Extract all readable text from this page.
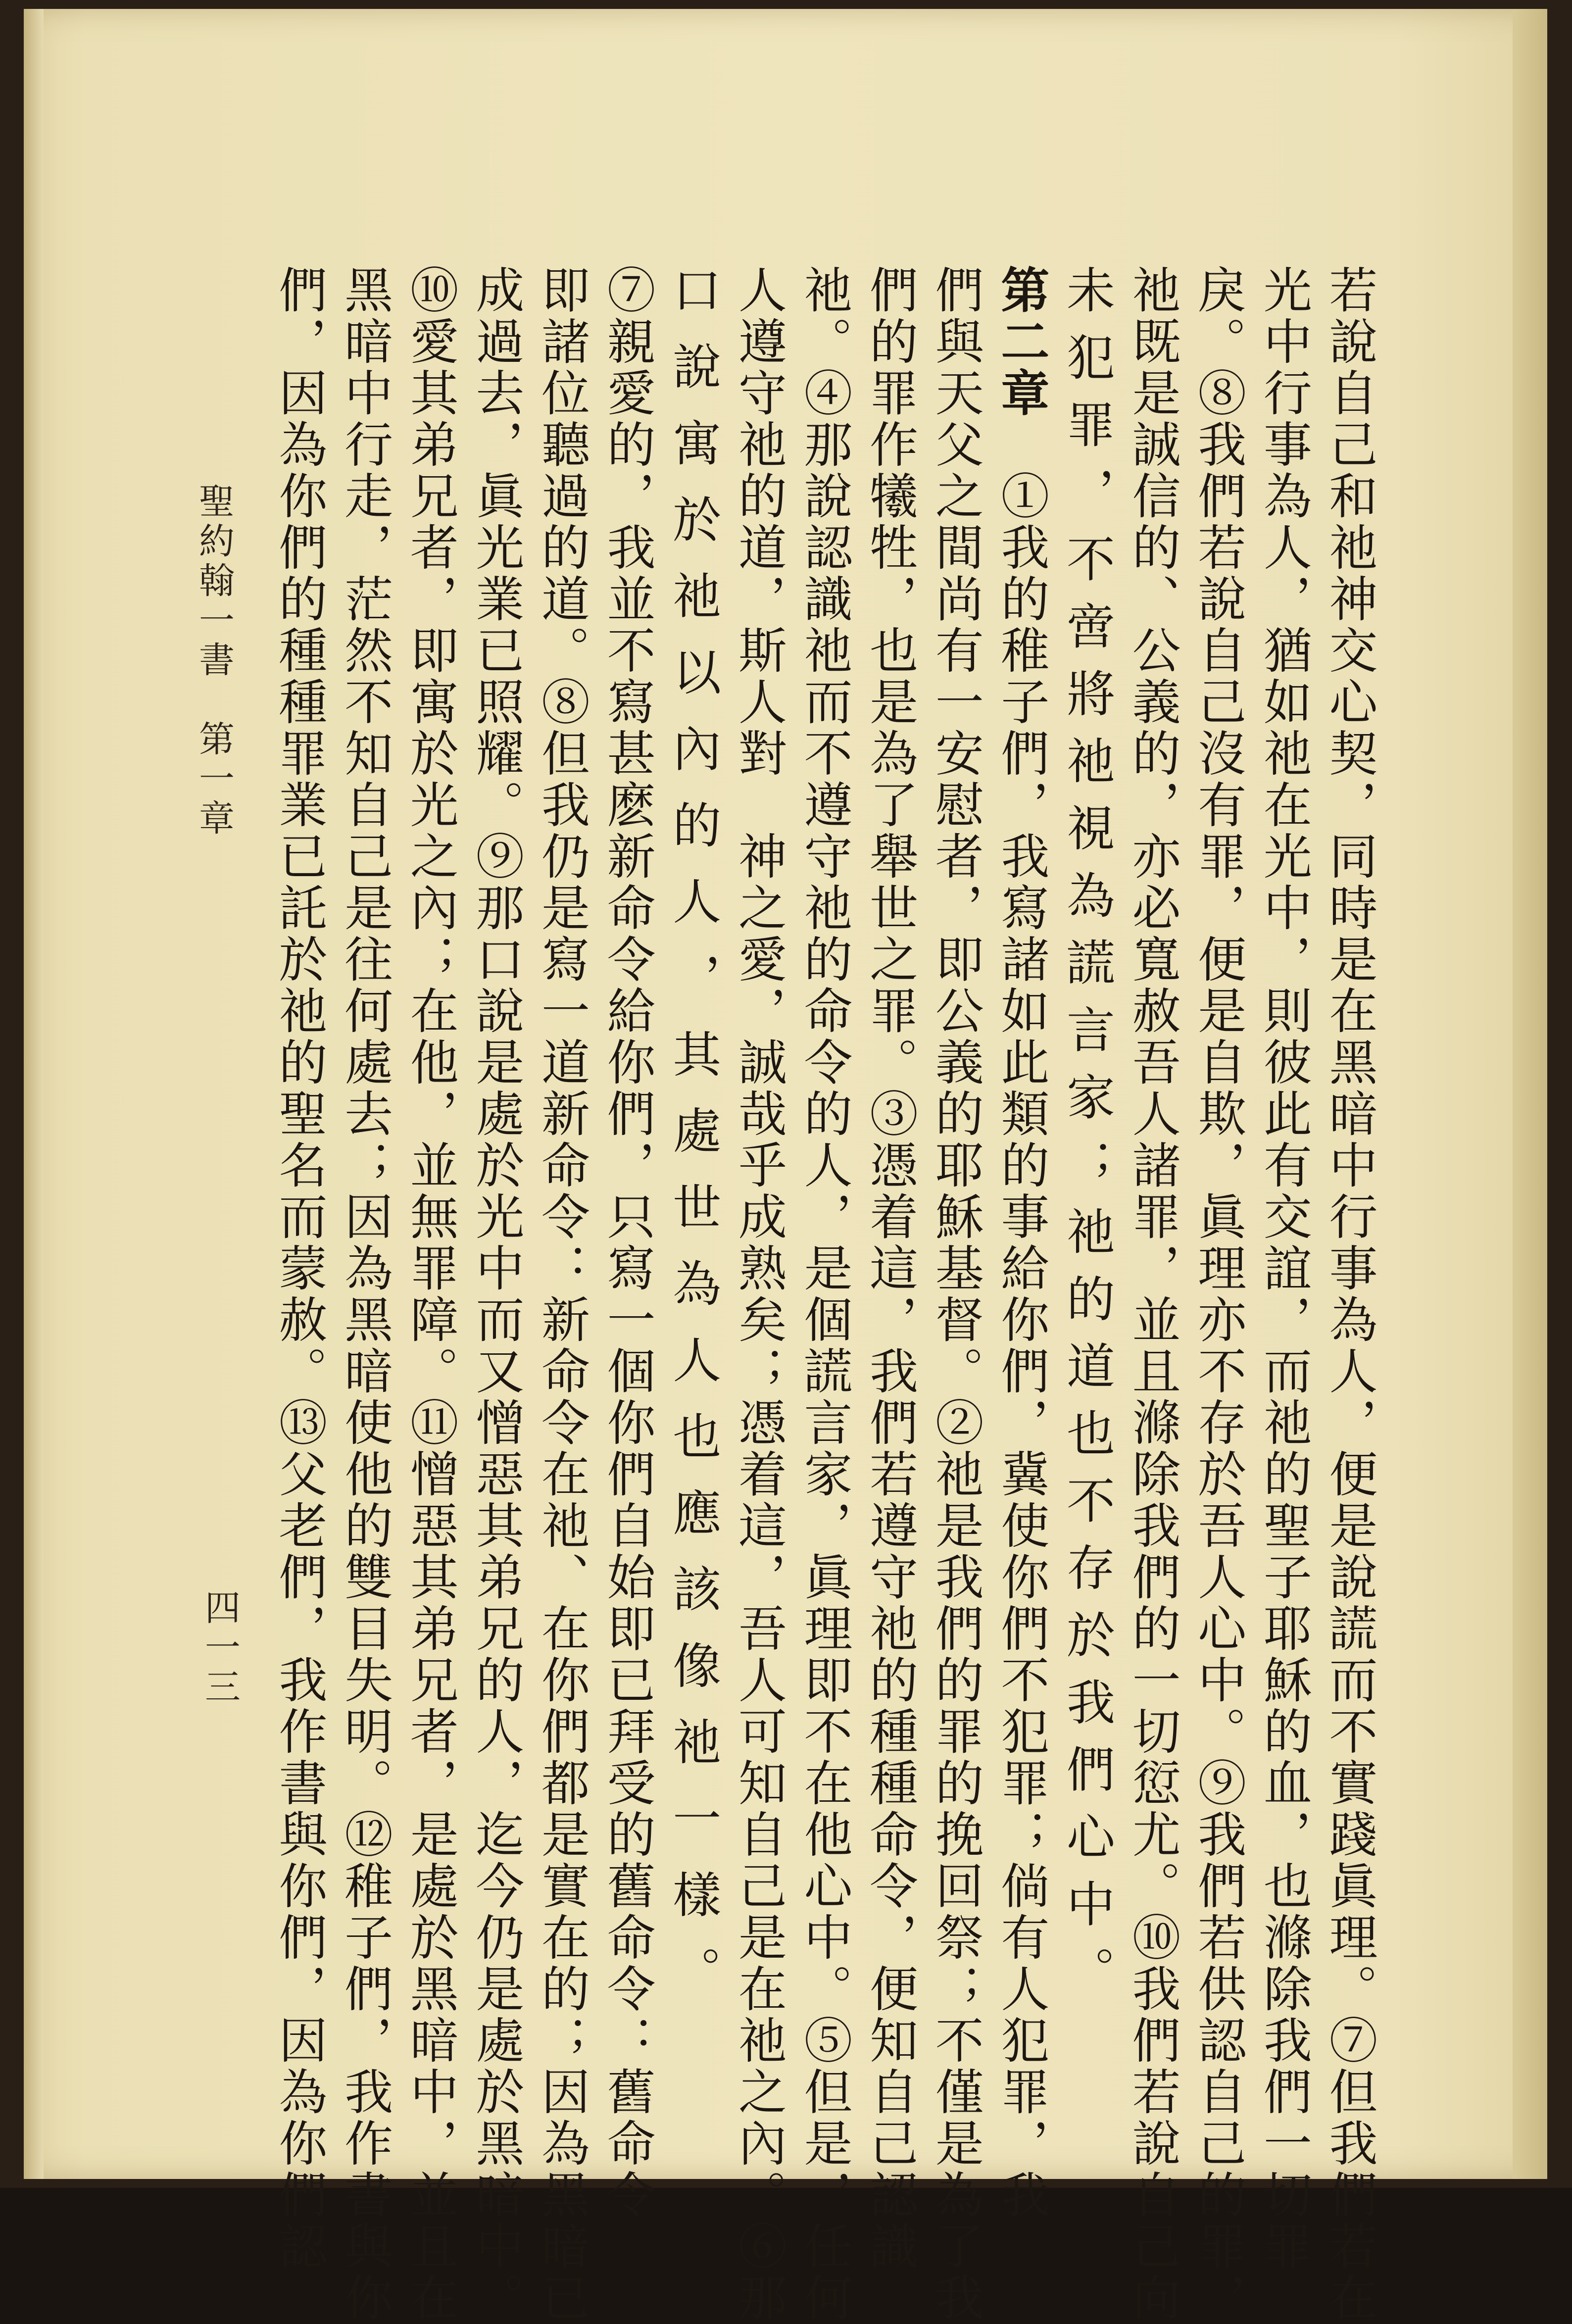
若說自己和祂神交心契，同時是在黑暗中行事為人，便是說謊而不實踐眞理。⑦但我們若在
光中行事為人，猶如祂在光中，則彼此有交誼，而祂的聖子耶穌的血，也滌除我們一切罪
戾。⑧我們若說自己沒有罪，便是自欺，眞理亦不存於吾人心中。⑨我們若供認自己的罪，
祂既是誠信的、公義的，亦必寬赦吾人諸罪，並且滌除我們的一切愆尤。⑩我們若說自己向
未犯罪，不啻將祂視為謊言家；祂的道也不存於我們心中。
第二章　①我的稚子們，我寫諸如此類的事給你們，冀使你們不犯罪；倘有人犯罪，我
們與天父之間尚有一安慰者，即公義的耶穌基督。②祂是我們的罪的挽回祭；不僅是為了我
們的罪作犧牲，也是為了舉世之罪。③憑着這，我們若遵守祂的種種命令，便知自己認識
祂。④那說認識祂而不遵守祂的命令的人，是個謊言家，眞理即不在他心中。⑤但是，任何
人遵守祂的道，斯人對　神之愛，誠哉乎成熟矣；憑着這，吾人可知自己是在祂之內。⑥那
口說寓於祂以內的人，其處世為人也應該像祂一樣。
⑦親愛的，我並不寫甚麽新命令給你們，只寫一個你們自始即已拜受的舊命令：舊命令
即諸位聽過的道。⑧但我仍是寫一道新命令：新命令在祂、在你們都是實在的；因為黑暗已
成過去，眞光業已照耀。⑨那口說是處於光中而又憎惡其弟兄的人，迄今仍是處於黑暗中。
⑩愛其弟兄者，即寓於光之內；在他，並無罪障。⑪憎惡其弟兄者，是處於黑暗中，並且在
黑暗中行走，茫然不知自己是往何處去；因為黑暗使他的雙目失明。⑫稚子們，我作書與你
們，因為你們的種種罪業已託於祂的聖名而蒙赦。⑬父老們，我作書與你們，因為你們認
聖約翰一書　第一章
四一三
